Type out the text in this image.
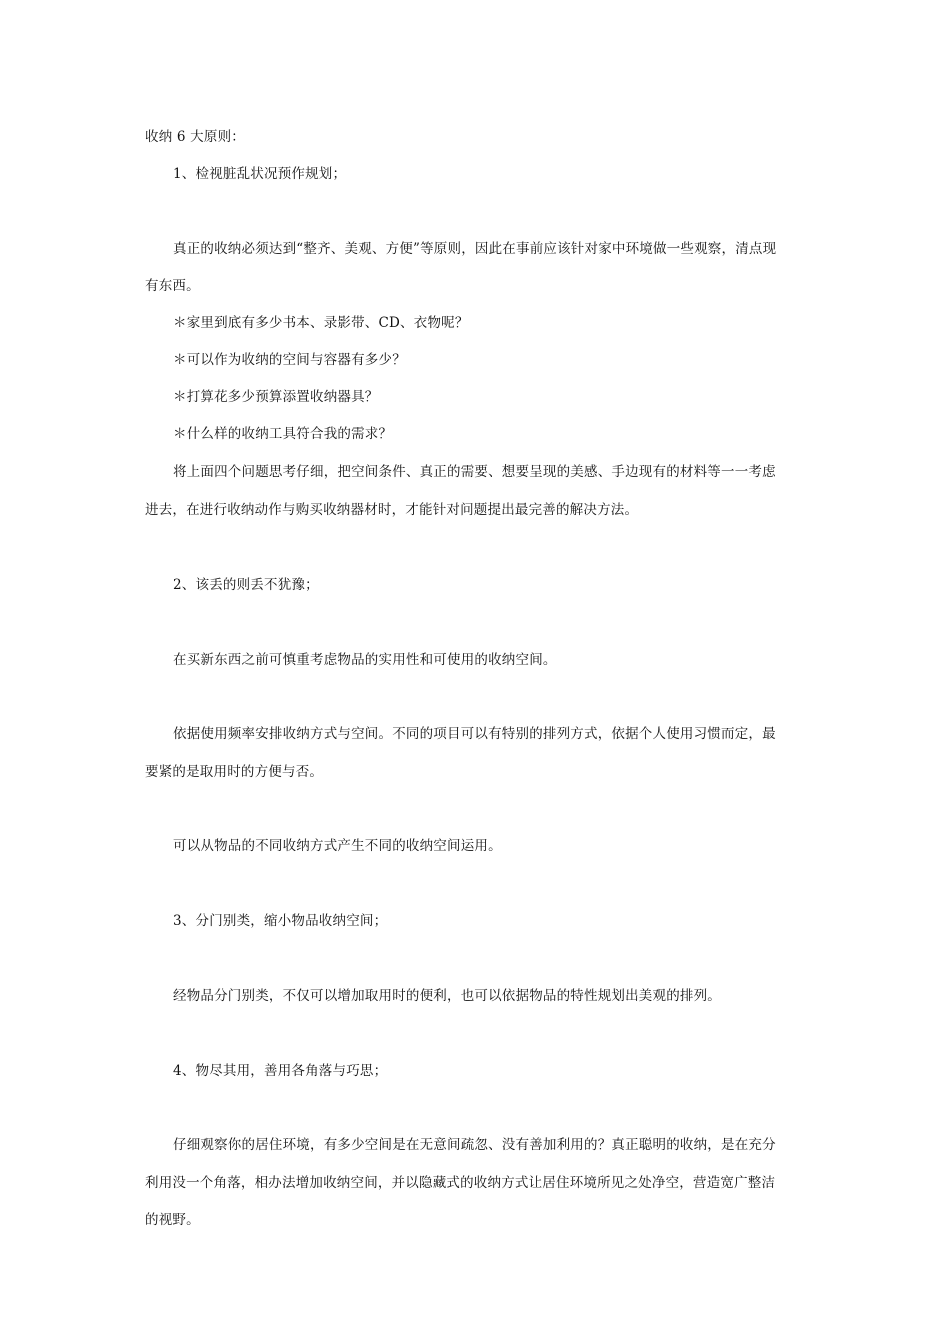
收纳 6 大原则：
1、检视脏乱状况预作规划；
真正的收纳必须达到“整齐、美观、方便”等原则，因此在事前应该针对家中环境做一些观察，清点现
有东西。
＊家里到底有多少书本、录影带、CD、衣物呢？
＊可以作为收纳的空间与容器有多少？
＊打算花多少预算添置收纳器具？
＊什么样的收纳工具符合我的需求？
将上面四个问题思考仔细，把空间条件、真正的需要、想要呈现的美感、手边现有的材料等一一考虑
进去，在进行收纳动作与购买收纳器材时，才能针对问题提出最完善的解决方法。
2、该丢的则丢不犹豫；
在买新东西之前可慎重考虑物品的实用性和可使用的收纳空间。
依据使用频率安排收纳方式与空间。不同的项目可以有特别的排列方式，依据个人使用习惯而定，最
要紧的是取用时的方便与否。
可以从物品的不同收纳方式产生不同的收纳空间运用。
3、分门别类，缩小物品收纳空间；
经物品分门别类，不仅可以增加取用时的便利，也可以依据物品的特性规划出美观的排列。
4、物尽其用，善用各角落与巧思；
仔细观察你的居住环境，有多少空间是在无意间疏忽、没有善加利用的？真正聪明的收纳，是在充分
利用没一个角落，相办法增加收纳空间，并以隐藏式的收纳方式让居住环境所见之处净空，营造宽广整洁
的视野。
